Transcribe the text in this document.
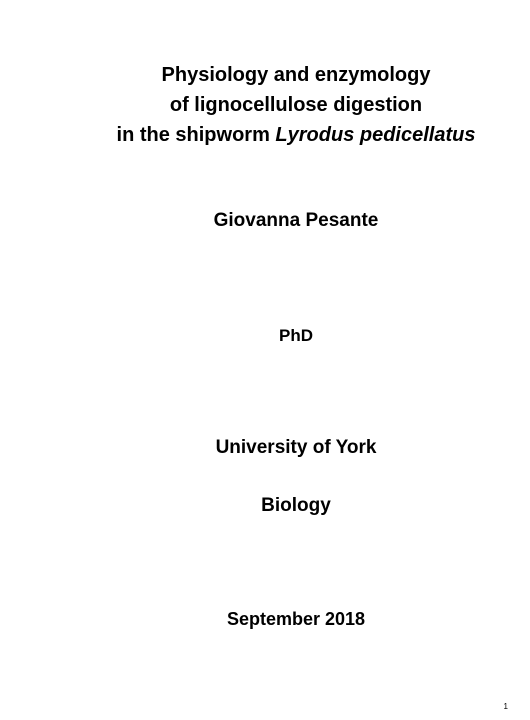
Physiology and enzymology
of lignocellulose digestion
in the shipworm Lyrodus pedicellatus
Giovanna Pesante
PhD
University of York
Biology
September 2018
1
